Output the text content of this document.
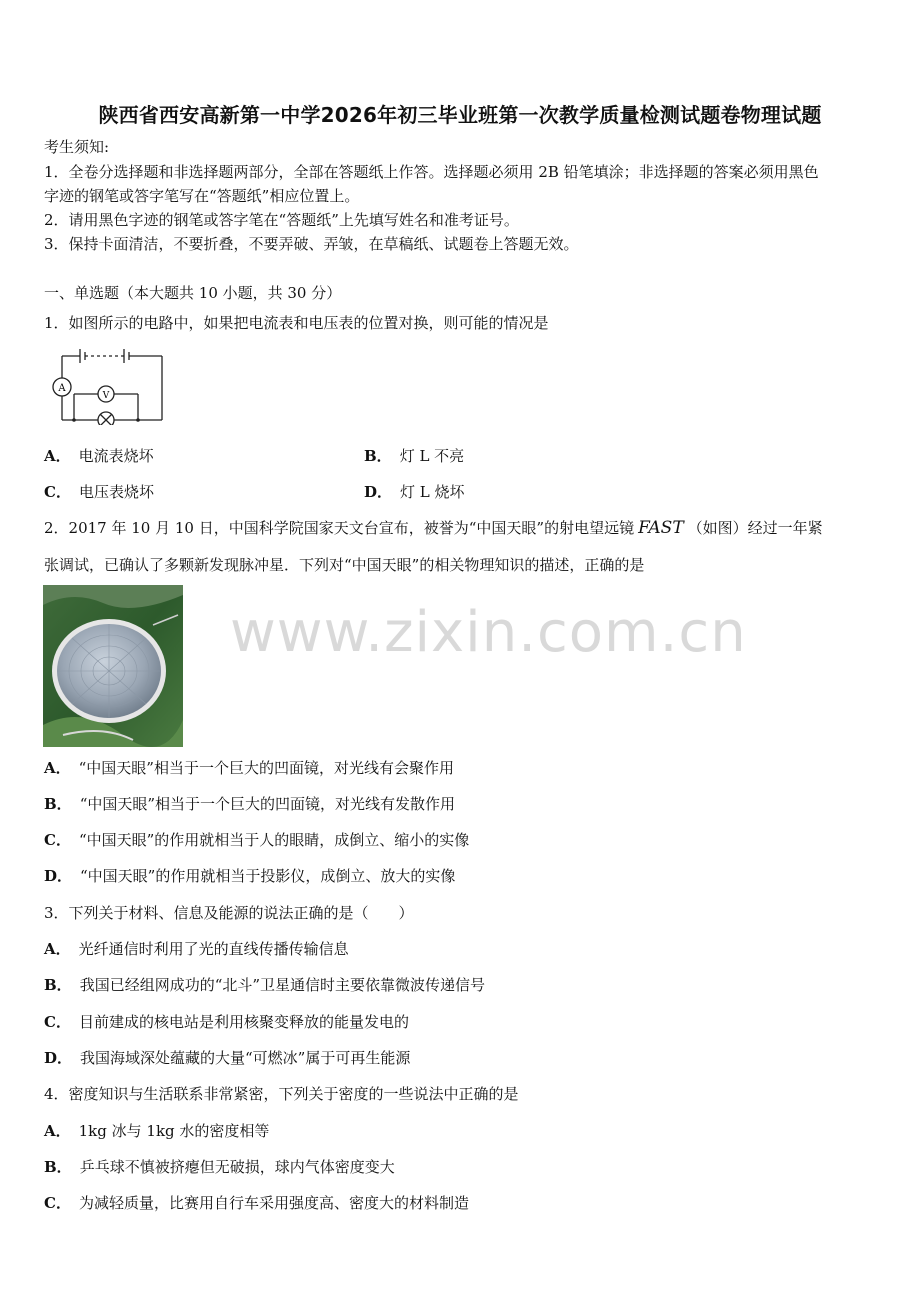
陕西省西安高新第一中学2026年初三毕业班第一次教学质量检测试题卷物理试题
考生须知:
1．全卷分选择题和非选择题两部分，全部在答题纸上作答。选择题必须用 2B 铅笔填涂；非选择题的答案必须用黑色
字迹的钢笔或答字笔写在“答题纸”相应位置上。
2．请用黑色字迹的钢笔或答字笔在“答题纸”上先填写姓名和准考证号。
3．保持卡面清洁，不要折叠，不要弄破、弄皱，在草稿纸、试题卷上答题无效。
一、单选题（本大题共 10 小题，共 30 分）
1．如图所示的电路中，如果把电流表和电压表的位置对换，则可能的情况是
A
V
A． 电流表烧坏	B． 灯 L 不亮
C． 电压表烧坏	D． 灯 L 烧坏
2．2017 年 10 月 10 日，中国科学院国家天文台宣布，被誉为“中国天眼”的射电望远镜 FAST （如图）经过一年紧
张调试，已确认了多颗新发现脉冲星．下列对“中国天眼”的相关物理知识的描述，正确的是
www.zixin.com.cn
A． “中国天眼”相当于一个巨大的凹面镜，对光线有会聚作用
B． “中国天眼”相当于一个巨大的凹面镜，对光线有发散作用
C． “中国天眼”的作用就相当于人的眼睛，成倒立、缩小的实像
D． “中国天眼”的作用就相当于投影仪，成倒立、放大的实像
3．下列关于材料、信息及能源的说法正确的是（　　）
A． 光纤通信时利用了光的直线传播传输信息
B． 我国已经组网成功的“北斗”卫星通信时主要依靠微波传递信号
C． 目前建成的核电站是利用核聚变释放的能量发电的
D． 我国海域深处蕴藏的大量“可燃冰”属于可再生能源
4．密度知识与生活联系非常紧密，下列关于密度的一些说法中正确的是
A． 1kg 冰与 1kg 水的密度相等
B． 乒乓球不慎被挤瘪但无破损，球内气体密度变大
C． 为减轻质量，比赛用自行车采用强度高、密度大的材料制造
